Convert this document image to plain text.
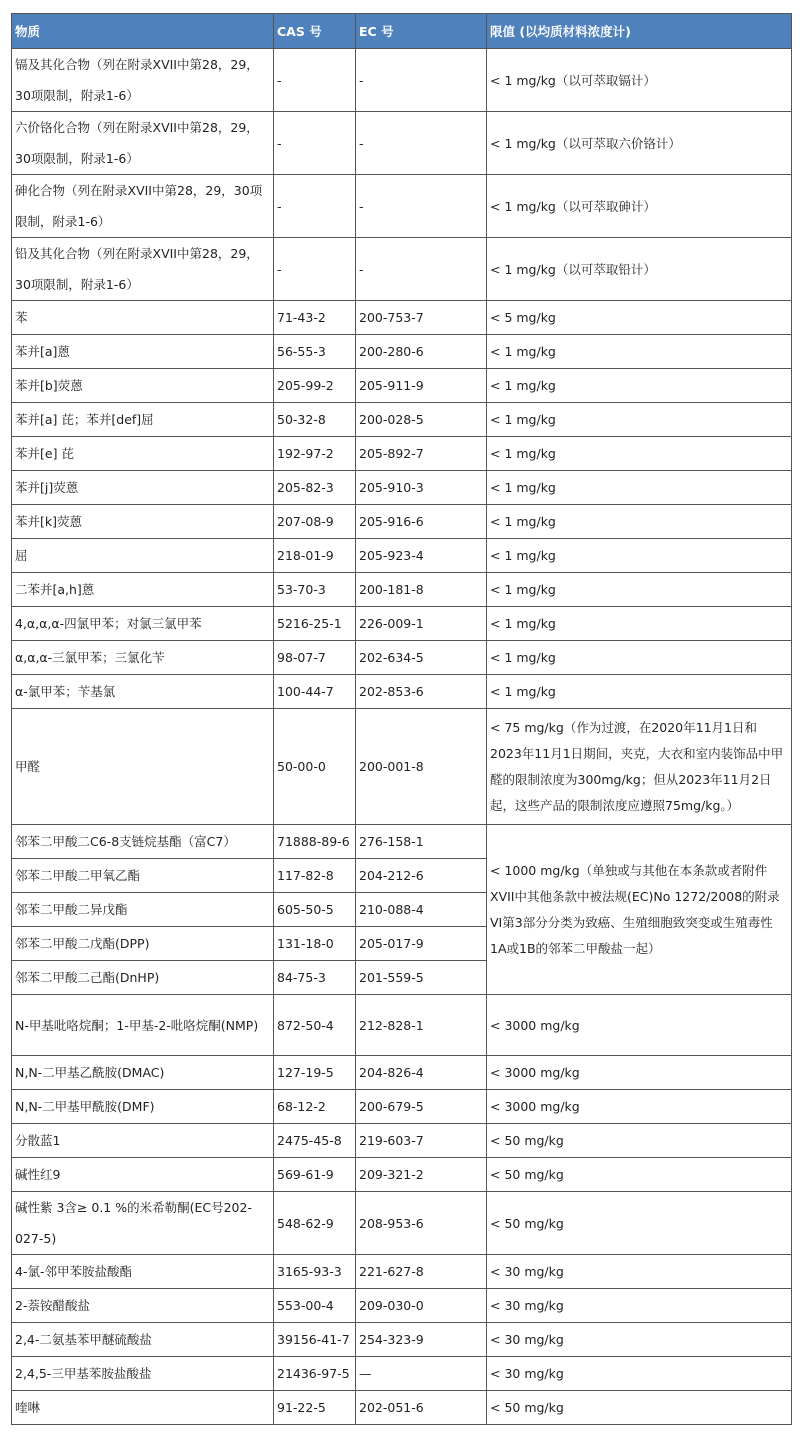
物质	CAS 号	EC 号	限值 (以均质材料浓度计)
镉及其化合物（列在附录XVII中第28，29，30项限制，附录1-6）	-	-	< 1 mg/kg（以可萃取镉计）
六价铬化合物（列在附录XVII中第28，29，30项限制，附录1-6）	-	-	< 1 mg/kg（以可萃取六价铬计）
砷化合物（列在附录XVII中第28，29，30项限制，附录1-6）	-	-	< 1 mg/kg（以可萃取砷计）
铅及其化合物（列在附录XVII中第28，29，30项限制，附录1-6）	-	-	< 1 mg/kg（以可萃取铅计）
苯	71-43-2	200-753-7	< 5 mg/kg
苯并[a]蒽	56-55-3	200-280-6	< 1 mg/kg
苯并[b]荧蒽	205-99-2	205-911-9	< 1 mg/kg
苯并[a] 芘；苯并[def]屈	50-32-8	200-028-5	< 1 mg/kg
苯并[e] 芘	192-97-2	205-892-7	< 1 mg/kg
苯并[j]荧蒽	205-82-3	205-910-3	< 1 mg/kg
苯并[k]荧蒽	207-08-9	205-916-6	< 1 mg/kg
屈	218-01-9	205-923-4	< 1 mg/kg
二苯并[a,h]蒽	53-70-3	200-181-8	< 1 mg/kg
4,α,α,α-四氯甲苯；对氯三氯甲苯	5216-25-1	226-009-1	< 1 mg/kg
α,α,α-三氯甲苯；三氯化苄	98-07-7	202-634-5	< 1 mg/kg
α-氯甲苯；苄基氯	100-44-7	202-853-6	< 1 mg/kg
甲醛	50-00-0	200-001-8	< 75 mg/kg（作为过渡，在2020年11月1日和2023年11月1日期间，夹克，大衣和室内装饰品中甲醛的限制浓度为300mg/kg；但从2023年11月2日起，这些产品的限制浓度应遵照75mg/kg。）
邻苯二甲酸二C6-8支链烷基酯（富C7）	71888-89-6	276-158-1	< 1000 mg/kg（单独或与其他在本条款或者附件XVII中其他条款中被法规(EC)No 1272/2008的附录VI第3部分分类为致癌、生殖细胞致突变或生殖毒性1A或1B的邻苯二甲酸盐一起）
邻苯二甲酸二甲氧乙酯	117-82-8	204-212-6	
邻苯二甲酸二异戊酯	605-50-5	210-088-4	
邻苯二甲酸二戊酯(DPP)	131-18-0	205-017-9	
邻苯二甲酸二己酯(DnHP)	84-75-3	201-559-5	
N-甲基吡咯烷酮；1-甲基-2-吡咯烷酮(NMP)	872-50-4	212-828-1	< 3000 mg/kg
N,N-二甲基乙酰胺(DMAC)	127-19-5	204-826-4	< 3000 mg/kg
N,N-二甲基甲酰胺(DMF)	68-12-2	200-679-5	< 3000 mg/kg
分散蓝1	2475-45-8	219-603-7	< 50 mg/kg
碱性红9	569-61-9	209-321-2	< 50 mg/kg
碱性紫 3含≥ 0.1 %的米希勒酮(EC号202-027-5)	548-62-9	208-953-6	< 50 mg/kg
4-氯-邻甲苯胺盐酸酯	3165-93-3	221-627-8	< 30 mg/kg
2-萘铵醋酸盐	553-00-4	209-030-0	< 30 mg/kg
2,4-二氨基苯甲醚硫酸盐	39156-41-7	254-323-9	< 30 mg/kg
2,4,5-三甲基苯胺盐酸盐	21436-97-5	—	< 30 mg/kg
喹啉	91-22-5	202-051-6	< 50 mg/kg
